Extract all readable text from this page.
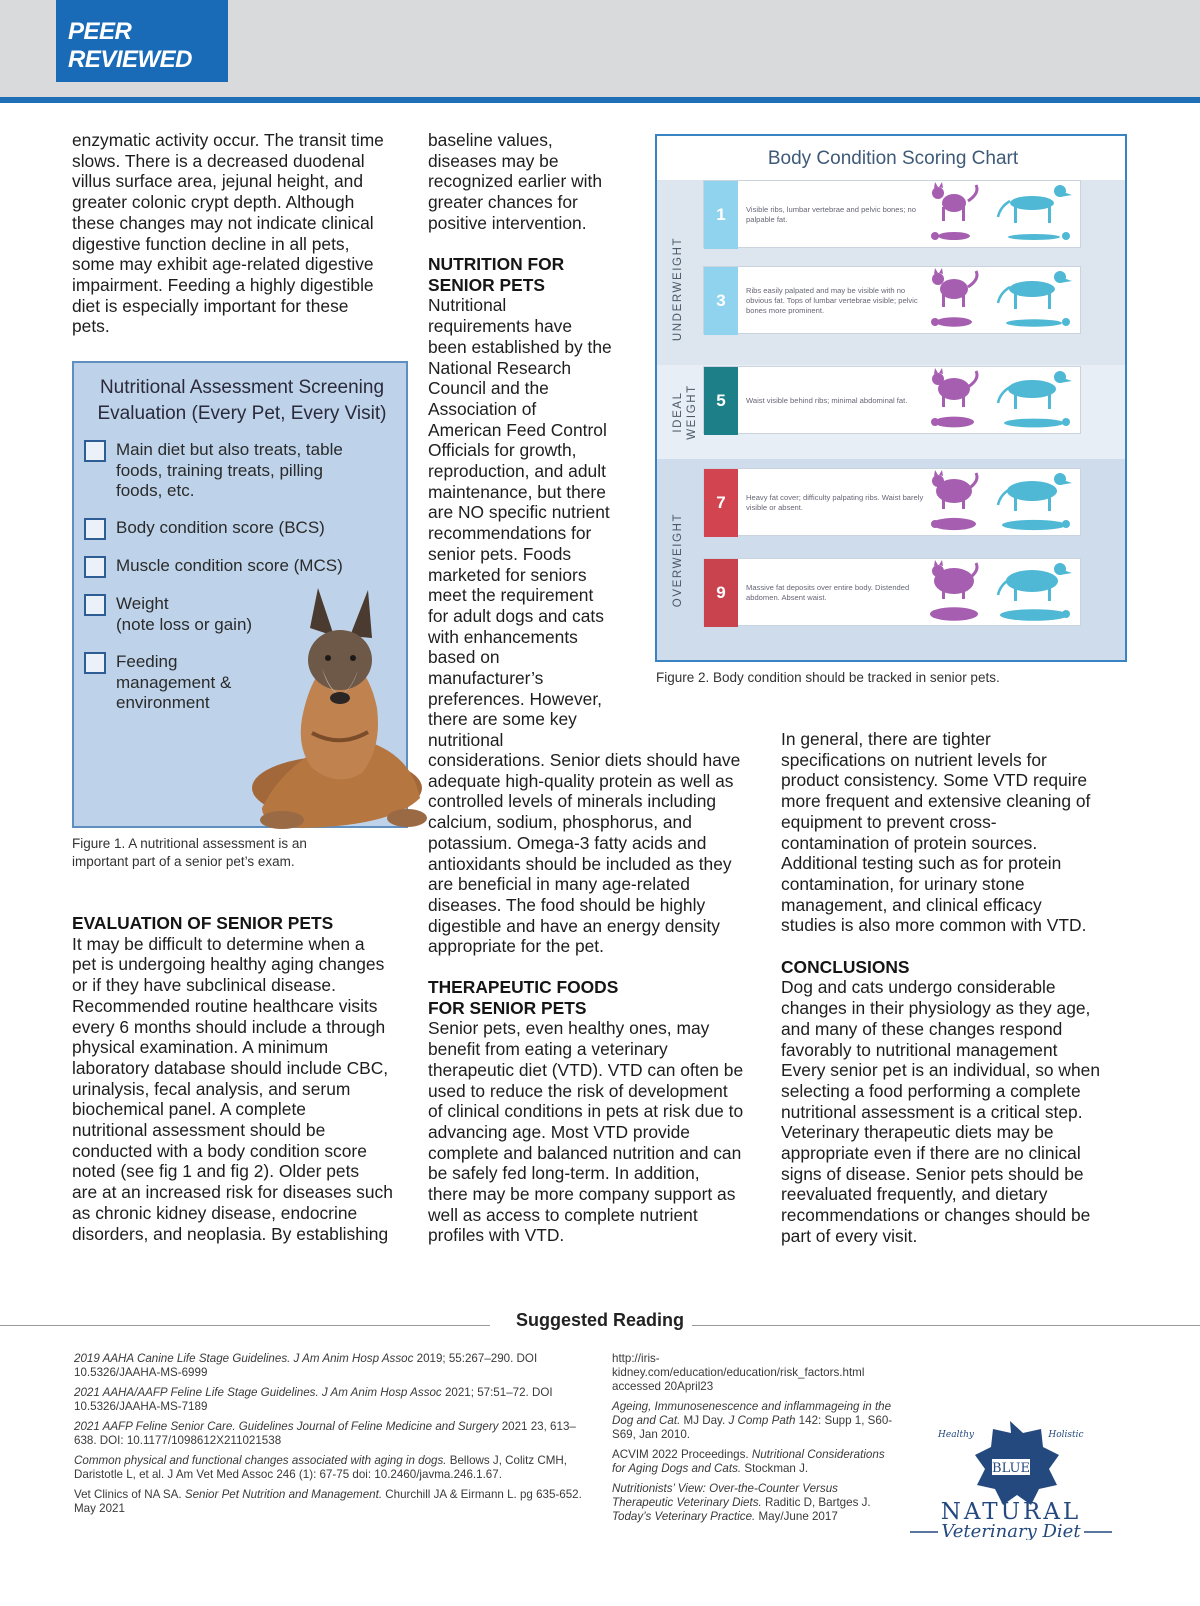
PEER REVIEWED
enzymatic activity occur. The transit time
slows. There is a decreased duodenal
villus surface area, jejunal height, and
greater colonic crypt depth. Although
these changes may not indicate clinical
digestive function decline in all pets,
some may exhibit age-related digestive
impairment. Feeding a highly digestible
diet is especially important for these
pets.
Nutritional Assessment Screening
Evaluation (Every Pet, Every Visit)
Main diet but also treats, table
foods, training treats, pilling
foods, etc.
Body condition score (BCS)
Muscle condition score (MCS)
Weight
(note loss or gain)
Feeding
management &
environment
Figure 1. A nutritional assessment is an
important part of a senior pet’s exam.
EVALUATION OF SENIOR PETS
It may be difficult to determine when a
pet is undergoing healthy aging changes
or if they have subclinical disease.
Recommended routine healthcare visits
every 6 months should include a through
physical examination. A minimum
laboratory database should include CBC,
urinalysis, fecal analysis, and serum
biochemical panel. A complete
nutritional assessment should be
conducted with a body condition score
noted (see fig 1 and fig 2). Older pets
are at an increased risk for diseases such
as chronic kidney disease, endocrine
disorders, and neoplasia. By establishing
baseline values,
diseases may be
recognized earlier with
greater chances for
positive intervention.
NUTRITION FOR
SENIOR PETS
Nutritional
requirements have
been established by the
National Research
Council and the
Association of
American Feed Control
Officials for growth,
reproduction, and adult
maintenance, but there
are NO specific nutrient
recommendations for
senior pets. Foods
marketed for seniors
meet the requirement
for adult dogs and cats
with enhancements
based on
manufacturer’s
preferences. However,
there are some key
nutritional
considerations. Senior diets should have
adequate high-quality protein as well as
controlled levels of minerals including
calcium, sodium, phosphorus, and
potassium. Omega-3 fatty acids and
antioxidants should be included as they
are beneficial in many age-related
diseases. The food should be highly
digestible and have an energy density
appropriate for the pet.
THERAPEUTIC FOODS
FOR SENIOR PETS
Senior pets, even healthy ones, may
benefit from eating a veterinary
therapeutic diet (VTD). VTD can often be
used to reduce the risk of development
of clinical conditions in pets at risk due to
advancing age. Most VTD provide
complete and balanced nutrition and can
be safely fed long-term. In addition,
there may be more company support as
well as access to complete nutrient
profiles with VTD.
Body Condition Scoring Chart
UNDERWEIGHT
IDEAL WEIGHT
OVERWEIGHT
1	Visible ribs, lumbar vertebrae and pelvic bones; no palpable fat.
3
Ribs easily palpated and may be visible with no obvious fat. Tops of lumbar vertebrae visible; pelvic bones more prominent.
5	Waist visible behind ribs; minimal abdominal fat.
7	Heavy fat cover; difficulty palpating ribs. Waist barely visible or absent.
9	Massive fat deposits over entire body. Distended abdomen. Absent waist.
Figure 2. Body condition should be tracked in senior pets.
In general, there are tighter
specifications on nutrient levels for
product consistency. Some VTD require
more frequent and extensive cleaning of
equipment to prevent cross-
contamination of protein sources.
Additional testing such as for protein
contamination, for urinary stone
management, and clinical efficacy
studies is also more common with VTD.
CONCLUSIONS
Dog and cats undergo considerable
changes in their physiology as they age,
and many of these changes respond
favorably to nutritional management
Every senior pet is an individual, so when
selecting a food performing a complete
nutritional assessment is a critical step.
Veterinary therapeutic diets may be
appropriate even if there are no clinical
signs of disease. Senior pets should be
reevaluated frequently, and dietary
recommendations or changes should be
part of every visit.
Suggested Reading

2019 AAHA Canine Life Stage Guidelines. J Am Anim Hosp Assoc 2019; 55:267–290. DOI 10.5326/JAAHA-MS-6999

2021 AAHA/AAFP Feline Life Stage Guidelines. J Am Anim Hosp Assoc 2021; 57:51–72. DOI 10.5326/JAAHA-MS-7189

2021 AAFP Feline Senior Care. Guidelines Journal of Feline Medicine and Surgery 2021 23, 613–638. DOI: 10.1177/1098612X211021538

Common physical and functional changes associated with aging in dogs. Bellows J, Colitz CMH, Daristotle L, et al. J Am Vet Med Assoc 246 (1): 67-75 doi: 10.2460/javma.246.1.67.

Vet Clinics of NA SA. Senior Pet Nutrition and Management. Churchill JA & Eirmann L. pg 635-652. May 2021

http://iris-kidney.com/education/education/risk_factors.html accessed 20April23

Ageing, Immunosenescence and inflammageing in the Dog and Cat. MJ Day. J Comp Path 142: Supp 1, S60-S69, Jan 2010.

ACVIM 2022 Proceedings. Nutritional Considerations for Aging Dogs and Cats. Stockman J.

Nutritionists’ View: Over-the-Counter Versus Therapeutic Veterinary Diets. Raditic D, Bartges J. Today’s Veterinary Practice. May/June 2017

BLUE
Healthy	Holistic
NATURAL
Veterinary Diet
